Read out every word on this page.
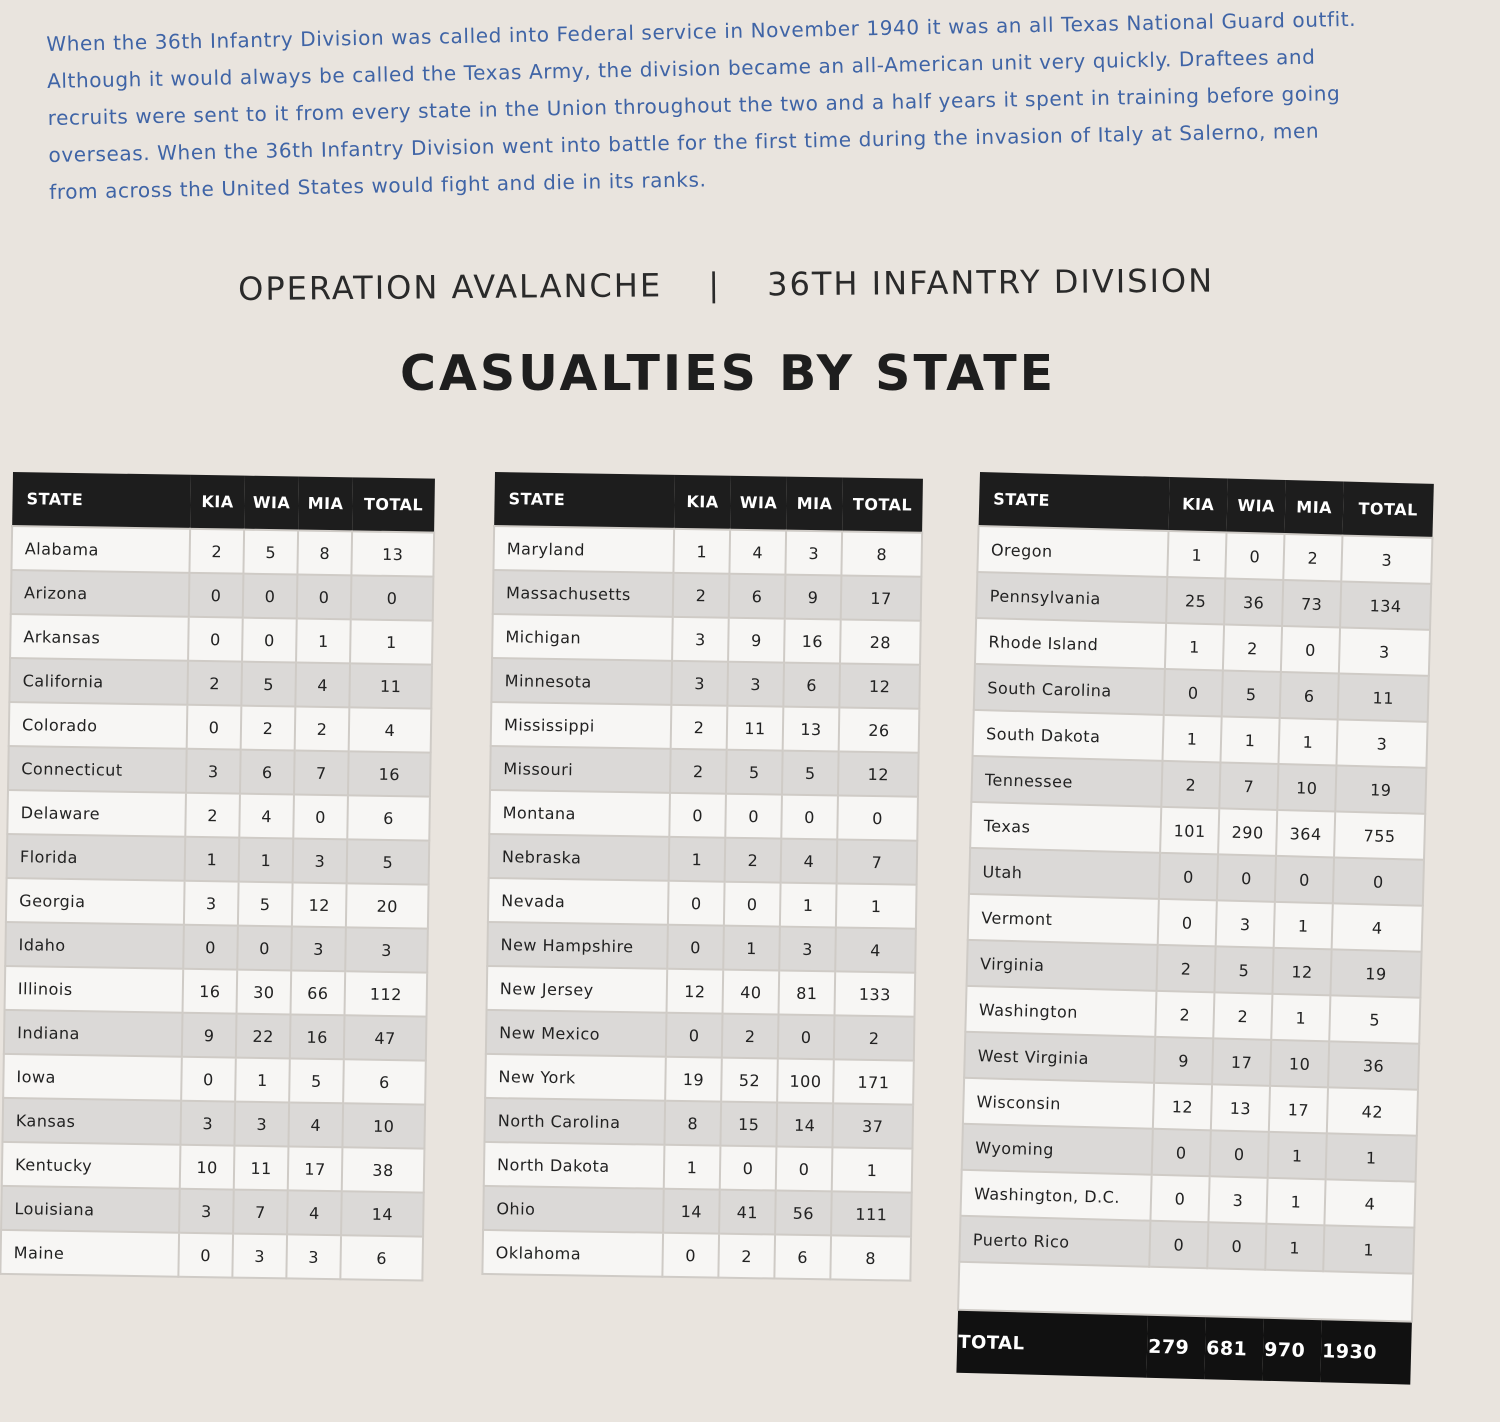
When the 36th Infantry Division was called into Federal service in November 1940 it was an all Texas National Guard outfit. Although it would always be called the Texas Army, the division became an all-American unit very quickly. Draftees and recruits were sent to it from every state in the Union throughout the two and a half years it spent in training before going overseas. When the 36th Infantry Division went into battle for the first time during the invasion of Italy at Salerno, men from across the United States would fight and die in its ranks.

OPERATION AVALANCHE | 36TH INFANTRY DIVISION
CASUALTIES BY STATE
STATE	KIA	WIA	MIA	TOTAL
Alabama	2	5	8	13
Arizona	0	0	0	0
Arkansas	0	0	1	1
California	2	5	4	11
Colorado	0	2	2	4
Connecticut	3	6	7	16
Delaware	2	4	0	6
Florida	1	1	3	5
Georgia	3	5	12	20
Idaho	0	0	3	3
Illinois	16	30	66	112
Indiana	9	22	16	47
Iowa	0	1	5	6
Kansas	3	3	4	10
Kentucky	10	11	17	38
Louisiana	3	7	4	14
Maine	0	3	3	6
STATE	KIA	WIA	MIA	TOTAL
Maryland	1	4	3	8
Massachusetts	2	6	9	17
Michigan	3	9	16	28
Minnesota	3	3	6	12
Mississippi	2	11	13	26
Missouri	2	5	5	12
Montana	0	0	0	0
Nebraska	1	2	4	7
Nevada	0	0	1	1
New Hampshire	0	1	3	4
New Jersey	12	40	81	133
New Mexico	0	2	0	2
New York	19	52	100	171
North Carolina	8	15	14	37
North Dakota	1	0	0	1
Ohio	14	41	56	111
Oklahoma	0	2	6	8
STATE	KIA	WIA	MIA	TOTAL
Oregon	1	0	2	3
Pennsylvania	25	36	73	134
Rhode Island	1	2	0	3
South Carolina	0	5	6	11
South Dakota	1	1	1	3
Tennessee	2	7	10	19
Texas	101	290	364	755
Utah	0	0	0	0
Vermont	0	3	1	4
Virginia	2	5	12	19
Washington	2	2	1	5
West Virginia	9	17	10	36
Wisconsin	12	13	17	42
Wyoming	0	0	1	1
Washington, D.C.	0	3	1	4
Puerto Rico	0	0	1	1

TOTAL	279	681	970	1930
